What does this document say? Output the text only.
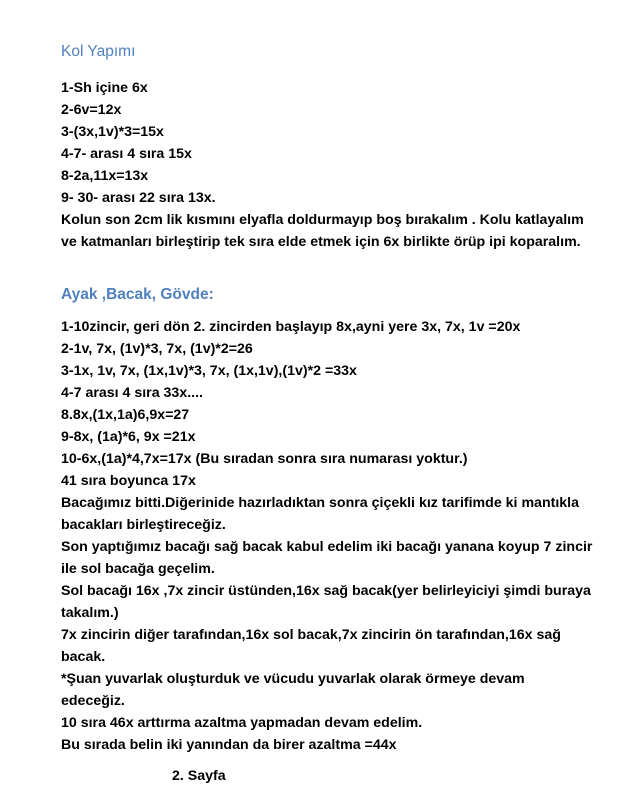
Kol Yapımı
1-Sh içine 6x
2-6v=12x
3-(3x,1v)*3=15x
4-7- arası 4 sıra 15x
8-2a,11x=13x
9- 30- arası 22 sıra 13x.
Kolun son 2cm lik kısmını elyafla doldurmayıp boş bırakalım . Kolu katlayalım
ve katmanları birleştirip tek sıra elde etmek için 6x birlikte örüp ipi koparalım.
Ayak ,Bacak, Gövde:
1-10zincir, geri dön 2. zincirden başlayıp 8x,ayni yere 3x, 7x, 1v =20x
2-1v, 7x, (1v)*3, 7x, (1v)*2=26
3-1x, 1v, 7x, (1x,1v)*3, 7x, (1x,1v),(1v)*2 =33x
4-7 arası 4 sıra 33x....
8.8x,(1x,1a)6,9x=27
9-8x, (1a)*6, 9x =21x
10-6x,(1a)*4,7x=17x (Bu sıradan sonra sıra numarası yoktur.)
41 sıra boyunca 17x
Bacağımız bitti.Diğerinide hazırladıktan sonra çiçekli kız tarifimde ki mantıkla
bacakları birleştireceğiz.
Son yaptığımız bacağı sağ bacak kabul edelim iki bacağı yanana koyup 7 zincir
ile sol bacağa geçelim.
Sol bacağı 16x ,7x zincir üstünden,16x sağ bacak(yer belirleyiciyi şimdi buraya
takalım.)
7x zincirin diğer tarafından,16x sol bacak,7x zincirin ön tarafından,16x sağ
bacak.
*Şuan yuvarlak oluşturduk ve vücudu yuvarlak olarak örmeye devam
edeceğiz.
10 sıra 46x arttırma azaltma yapmadan devam edelim.
Bu sırada belin iki yanından da birer azaltma =44x
2. Sayfa
